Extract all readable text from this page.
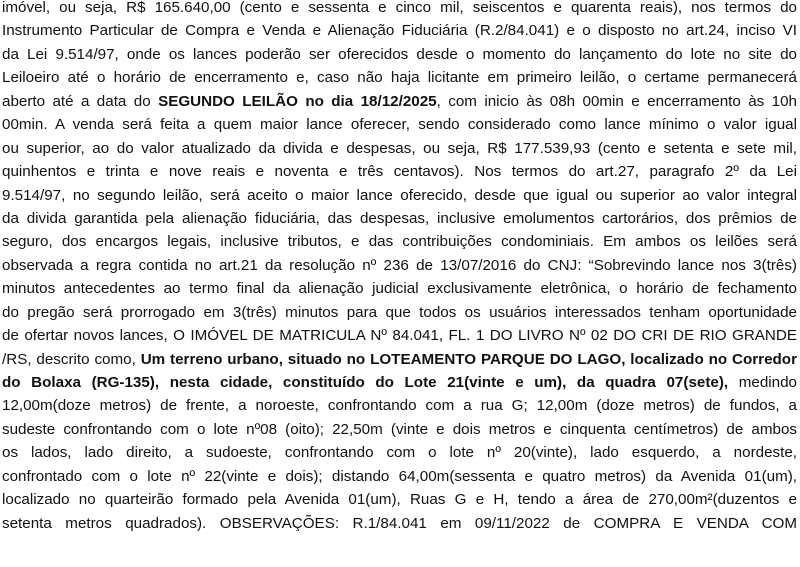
imóvel, ou seja, R$ 165.640,00 (cento e sessenta e cinco mil, seiscentos e quarenta reais), nos termos do
Instrumento Particular de Compra e Venda e Alienação Fiduciária (R.2/84.041) e o disposto no art.24, inciso VI
da Lei 9.514/97, onde os lances poderão ser oferecidos desde o momento do lançamento do lote no site do
Leiloeiro até o horário de encerramento e, caso não haja licitante em primeiro leilão, o certame permanecerá
aberto até a data do SEGUNDO LEILÃO no dia 18/12/2025, com inicio às 08h 00min e encerramento às 10h
00min. A venda será feita a quem maior lance oferecer, sendo considerado como lance mínimo o valor igual
ou superior, ao do valor atualizado da divida e despesas, ou seja, R$ 177.539,93 (cento e setenta e sete mil,
quinhentos e trinta e nove reais e noventa e três centavos). Nos termos do art.27, paragrafo 2º da Lei
9.514/97, no segundo leilão, será aceito o maior lance oferecido, desde que igual ou superior ao valor integral
da divida garantida pela alienação fiduciária, das despesas, inclusive emolumentos cartorários, dos prêmios de
seguro, dos encargos legais, inclusive tributos, e das contribuições condominiais. Em ambos os leilões será
observada a regra contida no art.21 da resolução nº 236 de 13/07/2016 do CNJ: “Sobrevindo lance nos 3(três)
minutos antecedentes ao termo final da alienação judicial exclusivamente eletrônica, o horário de fechamento
do pregão será prorrogado em 3(três) minutos para que todos os usuários interessados tenham oportunidade
de ofertar novos lances, O IMÓVEL DE MATRICULA Nº 84.041, FL. 1 DO LIVRO Nº 02 DO CRI DE RIO GRANDE
/RS, descrito como, Um terreno urbano, situado no LOTEAMENTO PARQUE DO LAGO, localizado no Corredor
do Bolaxa (RG-135), nesta cidade, constituído do Lote 21(vinte e um), da quadra 07(sete), medindo
12,00m(doze metros) de frente, a noroeste, confrontando com a rua G; 12,00m (doze metros) de fundos, a
sudeste confrontando com o lote nº08 (oito); 22,50m (vinte e dois metros e cinquenta centímetros) de ambos
os lados, lado direito, a sudoeste, confrontando com o lote nº 20(vinte), lado esquerdo, a nordeste,
confrontado com o lote nº 22(vinte e dois); distando 64,00m(sessenta e quatro metros) da Avenida 01(um),
localizado no quarteirão formado pela Avenida 01(um), Ruas G e H, tendo a área de 270,00m²(duzentos e
setenta metros quadrados). OBSERVAÇÕES: R.1/84.041 em 09/11/2022 de COMPRA E VENDA COM
